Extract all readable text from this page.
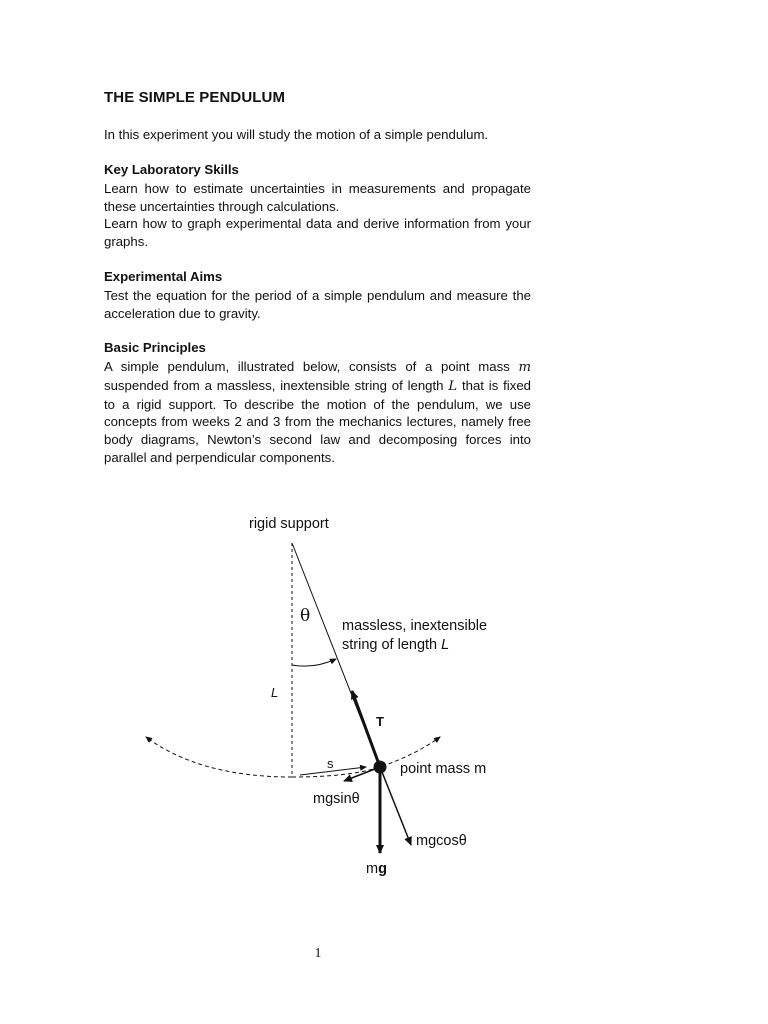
THE SIMPLE PENDULUM
In this experiment you will study the motion of a simple pendulum.
Key Laboratory Skills
Learn how to estimate uncertainties in measurements and propagate these uncertainties through calculations.
Learn how to graph experimental data and derive information from your graphs.
Experimental Aims
Test the equation for the period of a simple pendulum and measure the acceleration due to gravity.
Basic Principles
A simple pendulum, illustrated below, consists of a point mass m suspended from a massless, inextensible string of length L that is fixed to a rigid support. To describe the motion of the pendulum, we use concepts from weeks 2 and 3 from the mechanics lectures, namely free body diagrams, Newton’s second law and decomposing forces into parallel and perpendicular components.
rigid support
θ massless, inextensible
string of length L
L
T
s	point mass m
mgsinθ
mgcosθ
mg
1
